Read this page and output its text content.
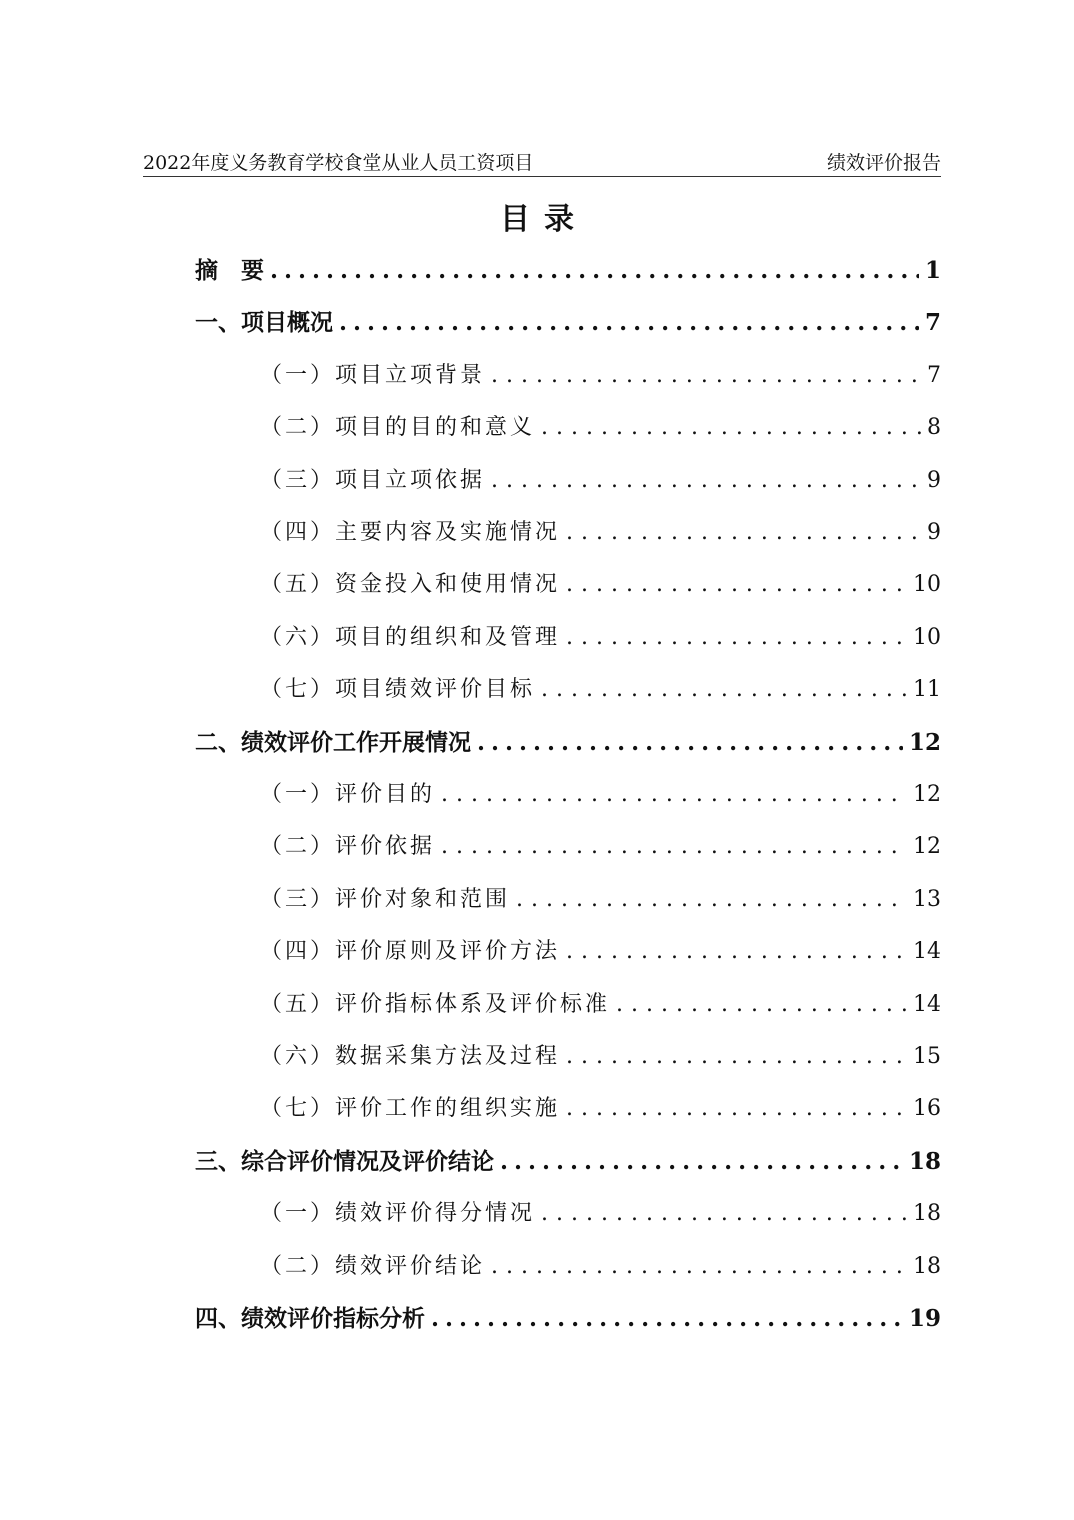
2022年度义务教育学校食堂从业人员工资项目	绩效评价报告
目录
摘　要 .....	1
一、项目概况 .....	7
（一）项目立项背景 .....	7
（二）项目的目的和意义 .....	8
（三）项目立项依据 .....	9
（四）主要内容及实施情况 .....	9
（五）资金投入和使用情况 .....	10
（六）项目的组织和及管理 .....	10
（七）项目绩效评价目标 .....	11
二、绩效评价工作开展情况 .....	12
（一）评价目的 .....	12
（二）评价依据 .....	12
（三）评价对象和范围 .....	13
（四）评价原则及评价方法 .....	14
（五）评价指标体系及评价标准 .....	14
（六）数据采集方法及过程 .....	15
（七）评价工作的组织实施 .....	16
三、综合评价情况及评价结论 .....	18
（一）绩效评价得分情况 .....	18
（二）绩效评价结论 .....	18
四、绩效评价指标分析 .....	19
